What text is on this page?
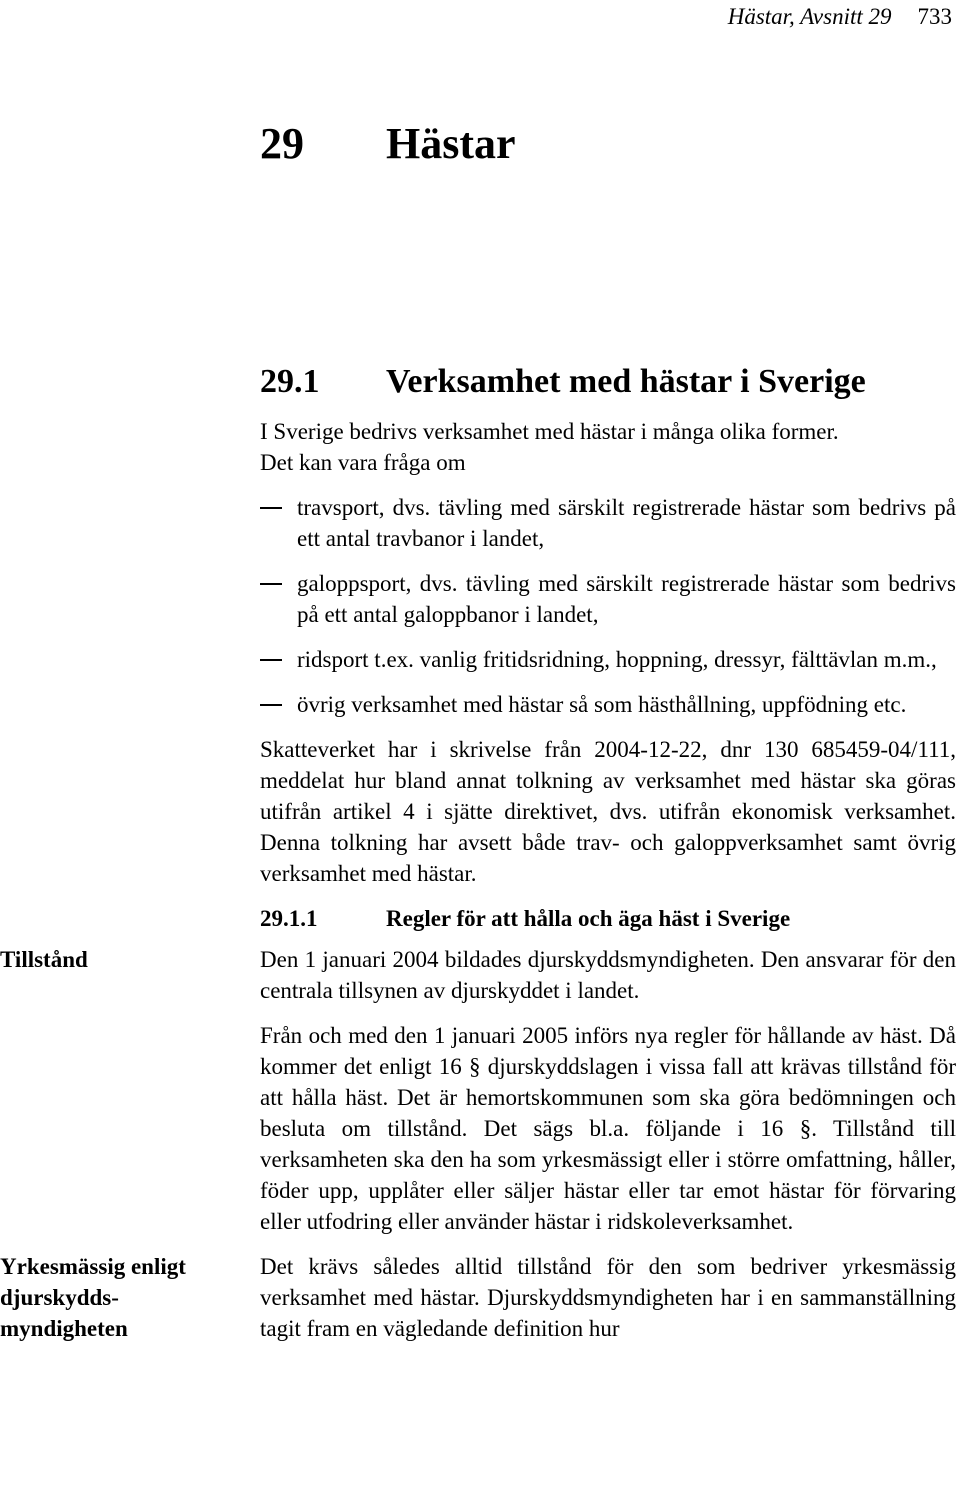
Hästar, Avsnitt 29 733
29 Hästar
29.1 Verksamhet med hästar i Sverige

I Sverige bedrivs verksamhet med hästar i många olika former.
Det kan vara fråga om

travsport, dvs. tävling med särskilt registrerade hästar som bedrivs på ett antal travbanor i landet,
galoppsport, dvs. tävling med särskilt registrerade hästar som bedrivs på ett antal galoppbanor i landet,
ridsport t.ex. vanlig fritidsridning, hoppning, dressyr, fälttävlan m.m.,
övrig verksamhet med hästar så som hästhållning, uppfödning etc.

Skatteverket har i skrivelse från 2004-12-22, dnr 130 685459-04/111, meddelat hur bland annat tolkning av verksamhet med hästar ska göras utifrån artikel 4 i sjätte direktivet, dvs. utifrån ekonomisk verksamhet. Denna tolkning har avsett både trav- och galoppverksamhet samt övrig verksamhet med hästar.

29.1.1	Regler för att hålla och äga häst i Sverige

Den 1 januari 2004 bildades djurskyddsmyndigheten. Den ansvarar för den centrala tillsynen av djurskyddet i landet.

Från och med den 1 januari 2005 införs nya regler för hållande av häst. Då kommer det enligt 16 § djurskyddslagen i vissa fall att krävas tillstånd för att hålla häst. Det är hemortskommunen som ska göra bedömningen och besluta om tillstånd. Det sägs bl.a. följande i 16 §. Tillstånd till verksamheten ska den ha som yrkesmässigt eller i större omfattning, håller, föder upp, upplåter eller säljer hästar eller tar emot hästar för förvaring eller utfodring eller använder hästar i ridskoleverksamhet.

Det krävs således alltid tillstånd för den som bedriver yrkesmässig verksamhet med hästar. Djurskyddsmyndigheten har i en sammanställning tagit fram en vägledande definition hur

Tillstånd
Yrkesmässig enligt djurskydds-myndigheten
